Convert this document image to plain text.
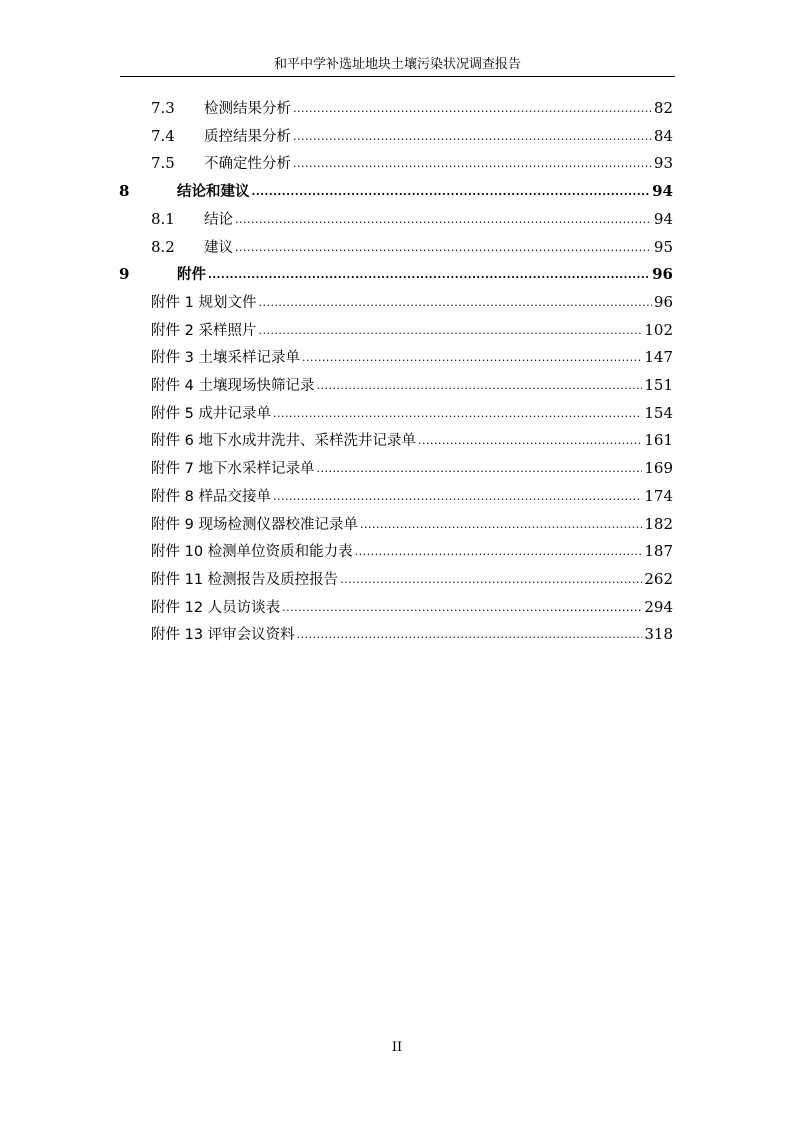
和平中学补选址地块土壤污染状况调查报告
7.3	检测结果分析 .....	82
7.4	质控结果分析 .....	84
7.5	不确定性分析 .....	93
8	结论和建议 .....	94
8.1	结论 .....	94
8.2	建议 .....	95
9	附件 .....	96
附件 1 规划文件 .....	96
附件 2 采样照片 .....	102
附件 3 土壤采样记录单 .....	147
附件 4 土壤现场快筛记录 .....	151
附件 5 成井记录单 .....	154
附件 6 地下水成井洗井、采样洗井记录单 .....	161
附件 7 地下水采样记录单 .....	169
附件 8 样品交接单 .....	174
附件 9 现场检测仪器校准记录单 .....	182
附件 10 检测单位资质和能力表 .....	187
附件 11 检测报告及质控报告 .....	262
附件 12 人员访谈表 .....	294
附件 13 评审会议资料 .....	318
II
